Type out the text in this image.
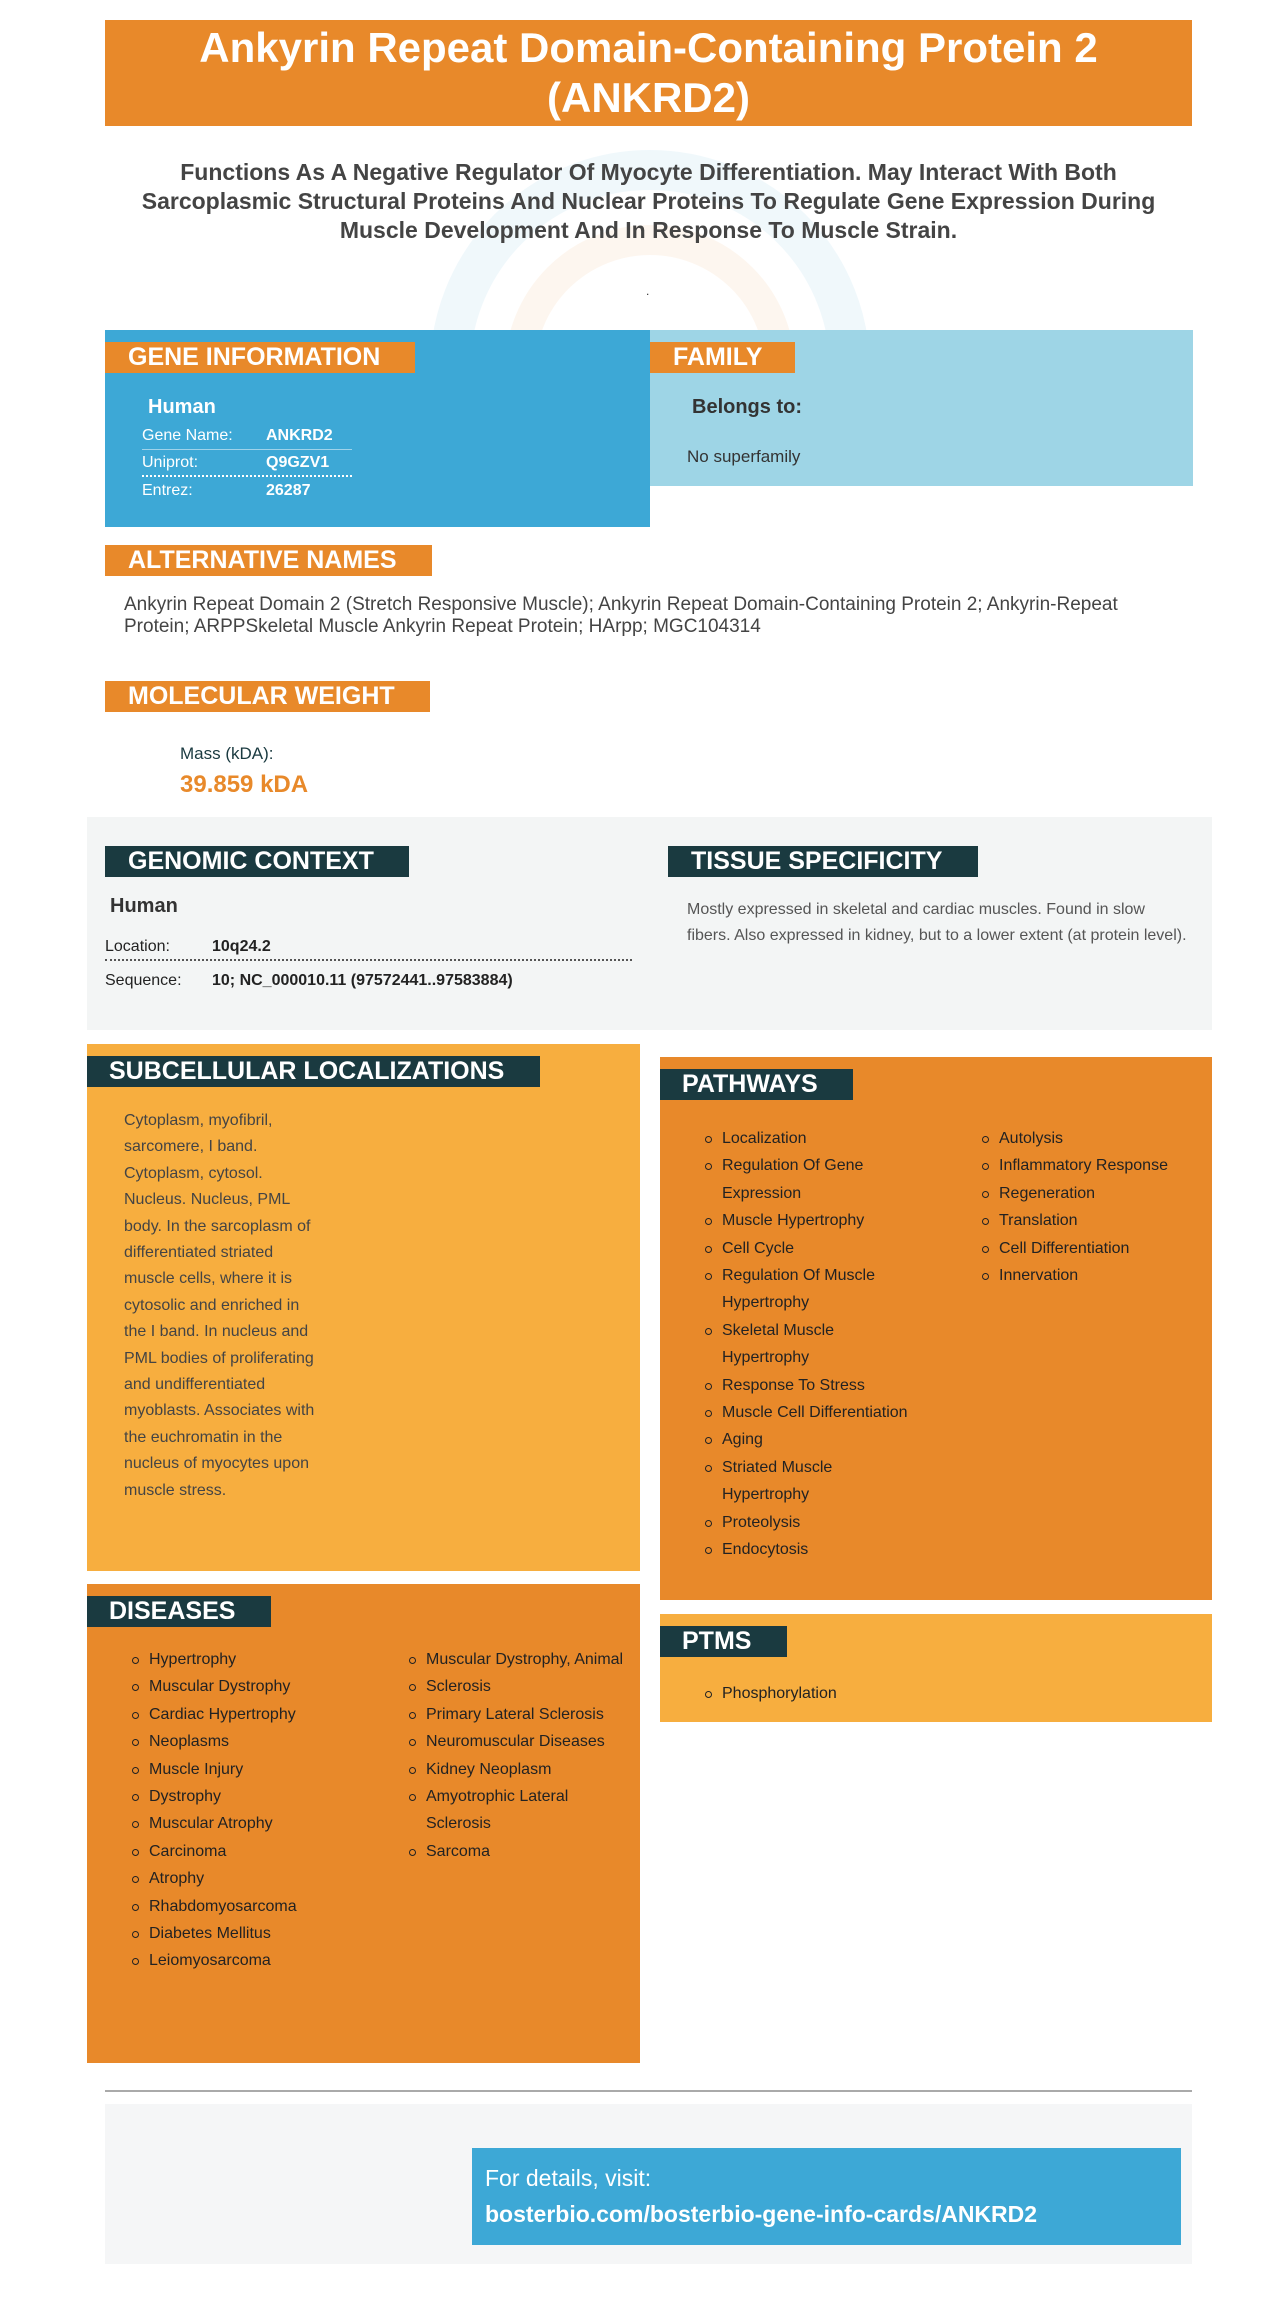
Ankyrin Repeat Domain-Containing Protein 2 (ANKRD2)
Functions As A Negative Regulator Of Myocyte Differentiation. May Interact With Both Sarcoplasmic Structural Proteins And Nuclear Proteins To Regulate Gene Expression During Muscle Development And In Response To Muscle Strain.
.
GENE INFORMATION
Human
Gene Name: ANKRD2
Uniprot:	Q9GZV1
Entrez:	26287
FAMILY
Belongs to:
No superfamily
ALTERNATIVE NAMES
Ankyrin Repeat Domain 2 (Stretch Responsive Muscle); Ankyrin Repeat Domain-Containing Protein 2; Ankyrin-Repeat Protein; ARPPSkeletal Muscle Ankyrin Repeat Protein; HArpp; MGC104314
MOLECULAR WEIGHT
Mass (kDA):
39.859 kDA
GENOMIC CONTEXT
Human
Location:	10q24.2
Sequence: 10; NC_000010.11 (97572441..97583884)
TISSUE SPECIFICITY
Mostly expressed in skeletal and cardiac muscles. Found in slow fibers. Also expressed in kidney, but to a lower extent (at protein level).
SUBCELLULAR LOCALIZATIONS
Cytoplasm, myofibril, sarcomere, I band. Cytoplasm, cytosol. Nucleus. Nucleus, PML body. In the sarcoplasm of differentiated striated muscle cells, where it is cytosolic and enriched in the I band. In nucleus and PML bodies of proliferating and undifferentiated myoblasts. Associates with the euchromatin in the nucleus of myocytes upon muscle stress.
DISEASES
Hypertrophy
Muscular Dystrophy
Cardiac Hypertrophy
Neoplasms
Muscle Injury
Dystrophy
Muscular Atrophy
Carcinoma
Atrophy
Rhabdomyosarcoma
Diabetes Mellitus
Leiomyosarcoma
Muscular Dystrophy, Animal
Sclerosis
Primary Lateral Sclerosis
Neuromuscular Diseases
Kidney Neoplasm
Amyotrophic Lateral Sclerosis
Sarcoma
PATHWAYS
Localization
Regulation Of Gene Expression
Muscle Hypertrophy
Cell Cycle
Regulation Of Muscle Hypertrophy
Skeletal Muscle Hypertrophy
Response To Stress
Muscle Cell Differentiation
Aging
Striated Muscle Hypertrophy
Proteolysis
Endocytosis
Autolysis
Inflammatory Response
Regeneration
Translation
Cell Differentiation
Innervation
PTMS
Phosphorylation
For details, visit:
bosterbio.com/bosterbio-gene-info-cards/ANKRD2
